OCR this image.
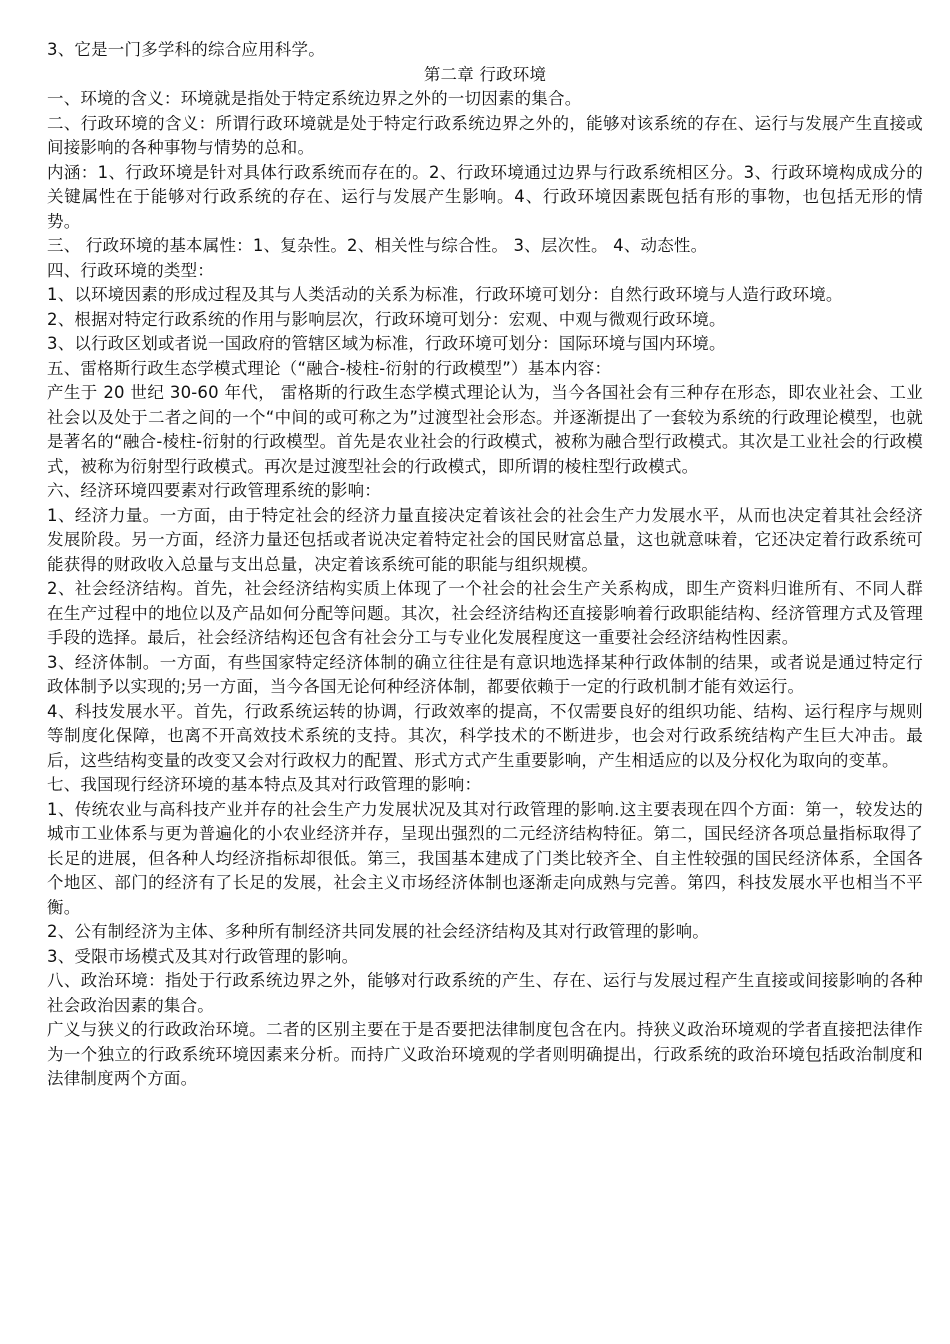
3、它是一门多学科的综合应用科学。

第二章 行政环境

一、环境的含义：环境就是指处于特定系统边界之外的一切因素的集合。

二、行政环境的含义：所谓行政环境就是处于特定行政系统边界之外的，能够对该系统的存在、运行与发展产生直接或间接影响的各种事物与情势的总和。

内涵：1、行政环境是针对具体行政系统而存在的。2、行政环境通过边界与行政系统相区分。3、行政环境构成成分的关键属性在于能够对行政系统的存在、运行与发展产生影响。4、行政环境因素既包括有形的事物，也包括无形的情势。

三、 行政环境的基本属性：1、复杂性。2、相关性与综合性。 3、层次性。 4、动态性。

四、行政环境的类型：

1、以环境因素的形成过程及其与人类活动的关系为标准，行政环境可划分：自然行政环境与人造行政环境。

2、根据对特定行政系统的作用与影响层次，行政环境可划分：宏观、中观与微观行政环境。

3、以行政区划或者说一国政府的管辖区域为标准，行政环境可划分：国际环境与国内环境。

五、雷格斯行政生态学模式理论（“融合-棱柱-衍射的行政模型”）基本内容：

产生于 20 世纪 30-60 年代， 雷格斯的行政生态学模式理论认为，当今各国社会有三种存在形态，即农业社会、工业社会以及处于二者之间的一个“中间的或可称之为”过渡型社会形态。并逐渐提出了一套较为系统的行政理论模型，也就是著名的“融合-棱柱-衍射的行政模型。首先是农业社会的行政模式，被称为融合型行政模式。其次是工业社会的行政模式，被称为衍射型行政模式。再次是过渡型社会的行政模式，即所谓的棱柱型行政模式。

六、经济环境四要素对行政管理系统的影响：

1、经济力量。一方面，由于特定社会的经济力量直接决定着该社会的社会生产力发展水平，从而也决定着其社会经济发展阶段。另一方面，经济力量还包括或者说决定着特定社会的国民财富总量，这也就意味着，它还决定着行政系统可能获得的财政收入总量与支出总量，决定着该系统可能的职能与组织规模。

2、社会经济结构。首先，社会经济结构实质上体现了一个社会的社会生产关系构成，即生产资料归谁所有、不同人群在生产过程中的地位以及产品如何分配等问题。其次，社会经济结构还直接影响着行政职能结构、经济管理方式及管理手段的选择。最后，社会经济结构还包含有社会分工与专业化发展程度这一重要社会经济结构性因素。

3、经济体制。一方面，有些国家特定经济体制的确立往往是有意识地选择某种行政体制的结果，或者说是通过特定行政体制予以实现的;另一方面，当今各国无论何种经济体制，都要依赖于一定的行政机制才能有效运行。

4、科技发展水平。首先，行政系统运转的协调，行政效率的提高，不仅需要良好的组织功能、结构、运行程序与规则等制度化保障，也离不开高效技术系统的支持。其次，科学技术的不断进步，也会对行政系统结构产生巨大冲击。最后，这些结构变量的改变又会对行政权力的配置、形式方式产生重要影响，产生相适应的以及分权化为取向的变革。

七、我国现行经济环境的基本特点及其对行政管理的影响：

1、传统农业与高科技产业并存的社会生产力发展状况及其对行政管理的影响.这主要表现在四个方面：第一，较发达的城市工业体系与更为普遍化的小农业经济并存，呈现出强烈的二元经济结构特征。第二，国民经济各项总量指标取得了长足的进展，但各种人均经济指标却很低。第三，我国基本建成了门类比较齐全、自主性较强的国民经济体系，全国各个地区、部门的经济有了长足的发展，社会主义市场经济体制也逐渐走向成熟与完善。第四，科技发展水平也相当不平衡。

2、公有制经济为主体、多种所有制经济共同发展的社会经济结构及其对行政管理的影响。

3、受限市场模式及其对行政管理的影响。

八、政治环境：指处于行政系统边界之外，能够对行政系统的产生、存在、运行与发展过程产生直接或间接影响的各种社会政治因素的集合。

广义与狭义的行政政治环境。二者的区别主要在于是否要把法律制度包含在内。持狭义政治环境观的学者直接把法律作为一个独立的行政系统环境因素来分析。而持广义政治环境观的学者则明确提出，行政系统的政治环境包括政治制度和法律制度两个方面。
